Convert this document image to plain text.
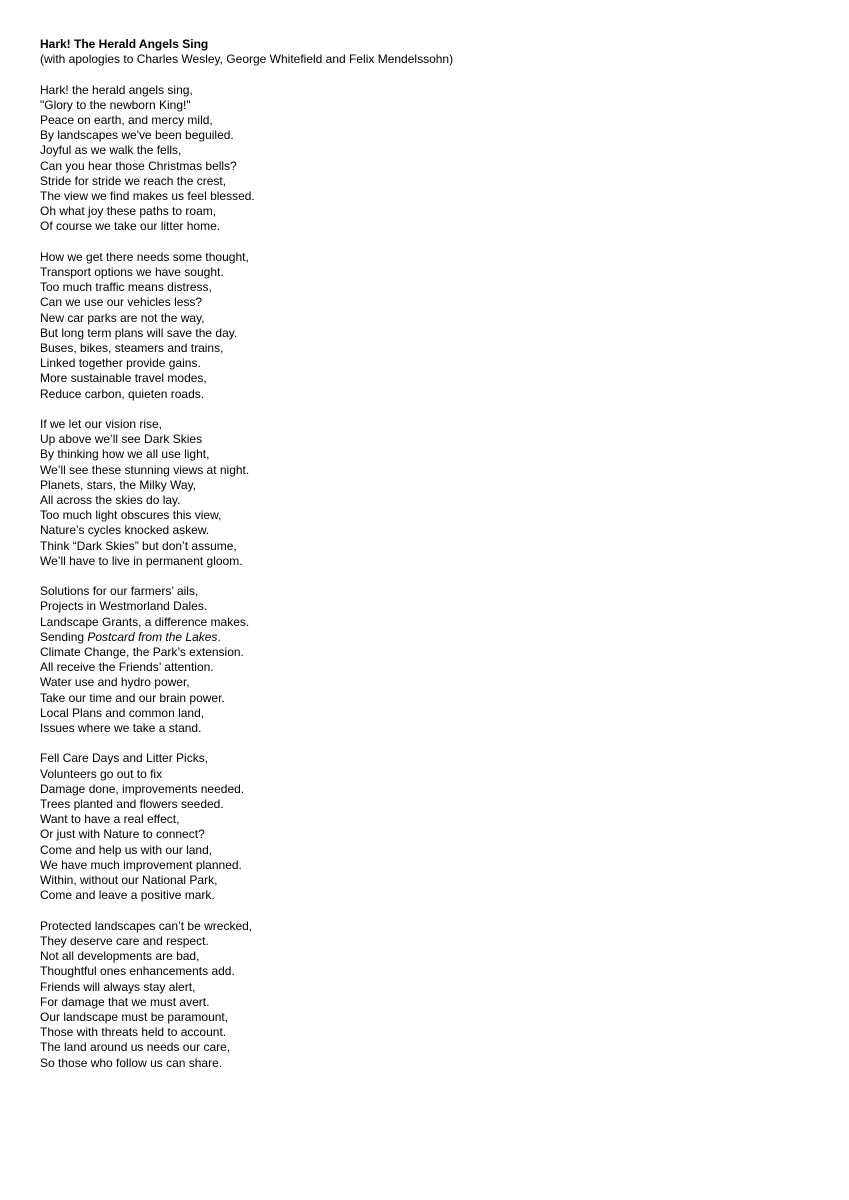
Hark! The Herald Angels Sing
(with apologies to Charles Wesley, George Whitefield and Felix Mendelssohn)
Hark! the herald angels sing,
"Glory to the newborn King!"
Peace on earth, and mercy mild,
By landscapes we've been beguiled.
Joyful as we walk the fells,
Can you hear those Christmas bells?
Stride for stride we reach the crest,
The view we find makes us feel blessed.
Oh what joy these paths to roam,
Of course we take our litter home.
How we get there needs some thought,
Transport options we have sought.
Too much traffic means distress,
Can we use our vehicles less?
New car parks are not the way,
But long term plans will save the day.
Buses, bikes, steamers and trains,
Linked together provide gains.
More sustainable travel modes,
Reduce carbon, quieten roads.
If we let our vision rise,
Up above we’ll see Dark Skies
By thinking how we all use light,
We’ll see these stunning views at night.
Planets, stars, the Milky Way,
All across the skies do lay.
Too much light obscures this view,
Nature’s cycles knocked askew.
Think “Dark Skies” but don’t assume,
We’ll have to live in permanent gloom.
Solutions for our farmers’ ails,
Projects in Westmorland Dales.
Landscape Grants, a difference makes.
Sending Postcard from the Lakes.
Climate Change, the Park’s extension.
All receive the Friends’ attention.
Water use and hydro power,
Take our time and our brain power.
Local Plans and common land,
Issues where we take a stand.
Fell Care Days and Litter Picks,
Volunteers go out to fix
Damage done, improvements needed.
Trees planted and flowers seeded.
Want to have a real effect,
Or just with Nature to connect?
Come and help us with our land,
We have much improvement planned.
Within, without our National Park,
Come and leave a positive mark.
Protected landscapes can’t be wrecked,
They deserve care and respect.
Not all developments are bad,
Thoughtful ones enhancements add.
Friends will always stay alert,
For damage that we must avert.
Our landscape must be paramount,
Those with threats held to account.
The land around us needs our care,
So those who follow us can share.
